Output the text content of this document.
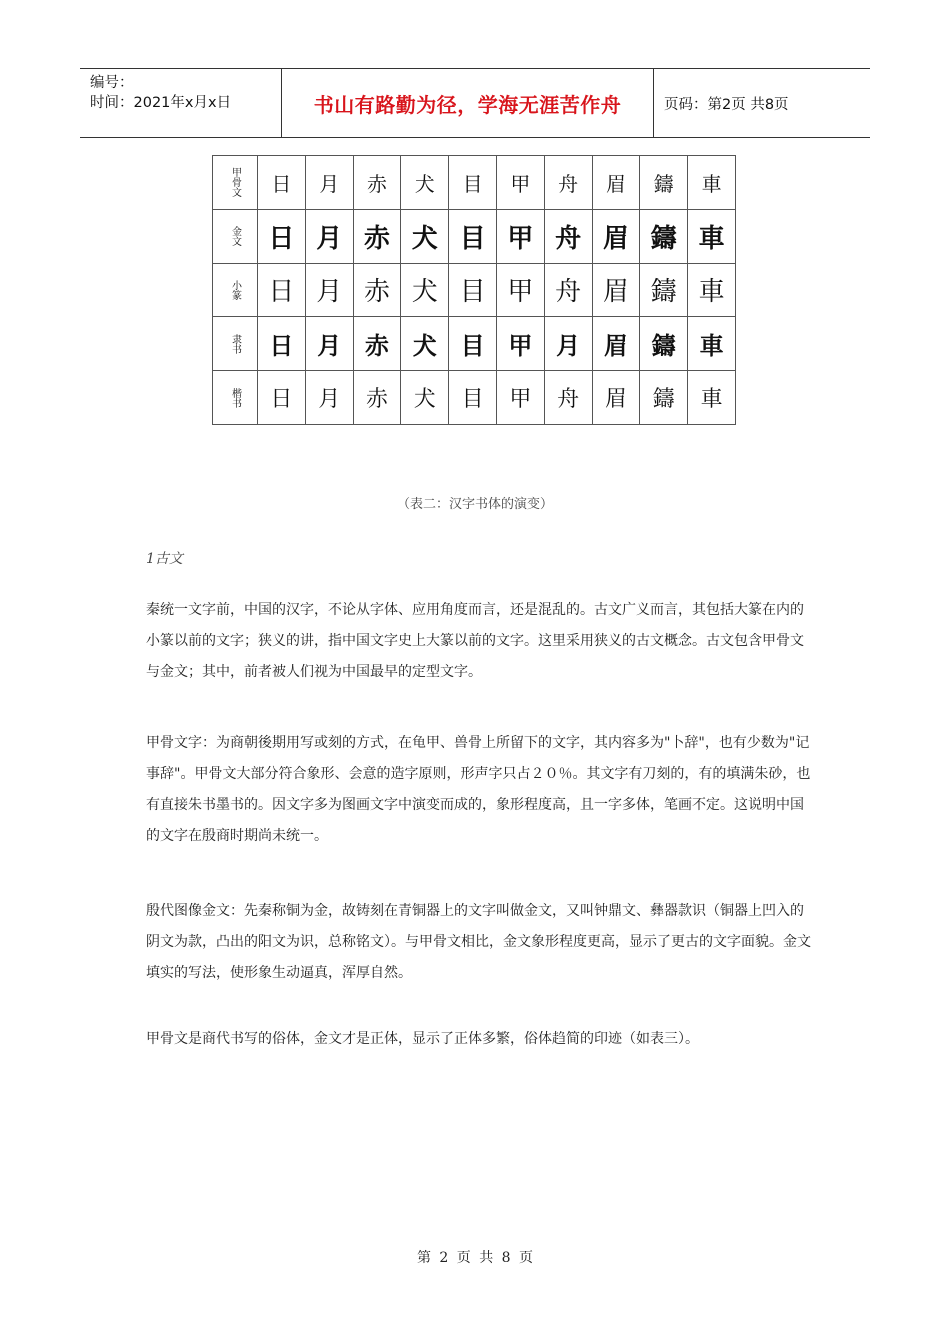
编号：
时间：2021年x月x日	书山有路勤为径，学海无涯苦作舟	页码：第2页 共8页
甲骨文	日	月	赤	犬	目	甲	舟	眉	鑄	車
金文	日	月	赤	犬	目	甲	舟	眉	鑄	車
小篆	日	月	赤	犬	目	甲	舟	眉	鑄	車
隶书	日	月	赤	犬	目	甲	月	眉	鑄	車
楷书	日	月	赤	犬	目	甲	舟	眉	鑄	車
（表二：汉字书体的演变）
1古文

秦统一文字前，中国的汉字，不论从字体、应用角度而言，还是混乱的。古文广义而言，其包括大篆在内的小篆以前的文字；狭义的讲，指中国文字史上大篆以前的文字。这里采用狭义的古文概念。古文包含甲骨文与金文；其中，前者被人们视为中国最早的定型文字。

甲骨文字：为商朝後期用写或刻的方式，在龟甲、兽骨上所留下的文字，其内容多为"卜辞"，也有少数为"记事辞"。甲骨文大部分符合象形、会意的造字原则，形声字只占２０％。其文字有刀刻的，有的填满朱砂，也有直接朱书墨书的。因文字多为图画文字中演变而成的，象形程度高，且一字多体，笔画不定。这说明中国的文字在殷商时期尚未统一。

殷代图像金文：先秦称铜为金，故铸刻在青铜器上的文字叫做金文，又叫钟鼎文、彝器款识（铜器上凹入的阴文为款，凸出的阳文为识，总称铭文）。与甲骨文相比，金文象形程度更高，显示了更古的文字面貌。金文填实的写法，使形象生动逼真，浑厚自然。

甲骨文是商代书写的俗体，金文才是正体，显示了正体多繁，俗体趋简的印迹（如表三）。

第 2 页 共 8 页
